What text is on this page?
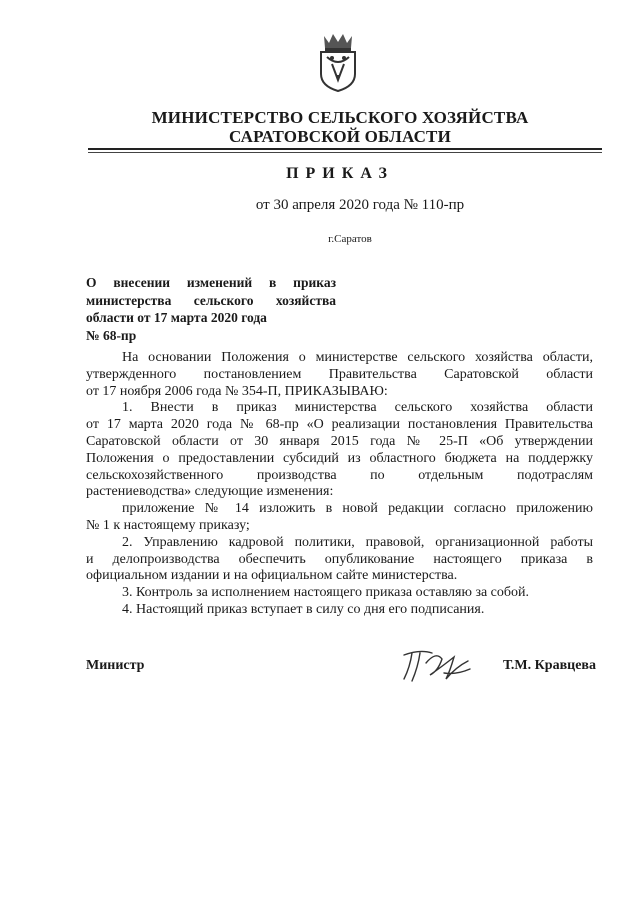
МИНИСТЕРСТВО СЕЛЬСКОГО ХОЗЯЙСТВА
САРАТОВСКОЙ ОБЛАСТИ
ПРИКАЗ
от 30 апреля 2020 года № 110-пр
г.Саратов
О внесении изменений в приказ
министерства сельского хозяйства
области от 17 марта 2020 года
№ 68-пр
На основании Положения о министерстве сельского хозяйства области,
утвержденного постановлением Правительства Саратовской области
от 17 ноября 2006 года № 354-П, ПРИКАЗЫВАЮ:
1. Внести в приказ министерства сельского хозяйства области
от 17 марта 2020 года № 68-пр «О реализации постановления Правительства
Саратовской области от 30 января 2015 года № 25-П «Об утверждении
Положения о предоставлении субсидий из областного бюджета на поддержку
сельскохозяйственного производства по отдельным подотраслям
растениеводства» следующие изменения:
приложение № 14 изложить в новой редакции согласно приложению
№ 1 к настоящему приказу;
2. Управлению кадровой политики, правовой, организационной работы
и делопроизводства обеспечить опубликование настоящего приказа в
официальном издании и на официальном сайте министерства.
3. Контроль за исполнением настоящего приказа оставляю за собой.
4. Настоящий приказ вступает в силу со дня его подписания.
Министр	Т.М. Кравцева
